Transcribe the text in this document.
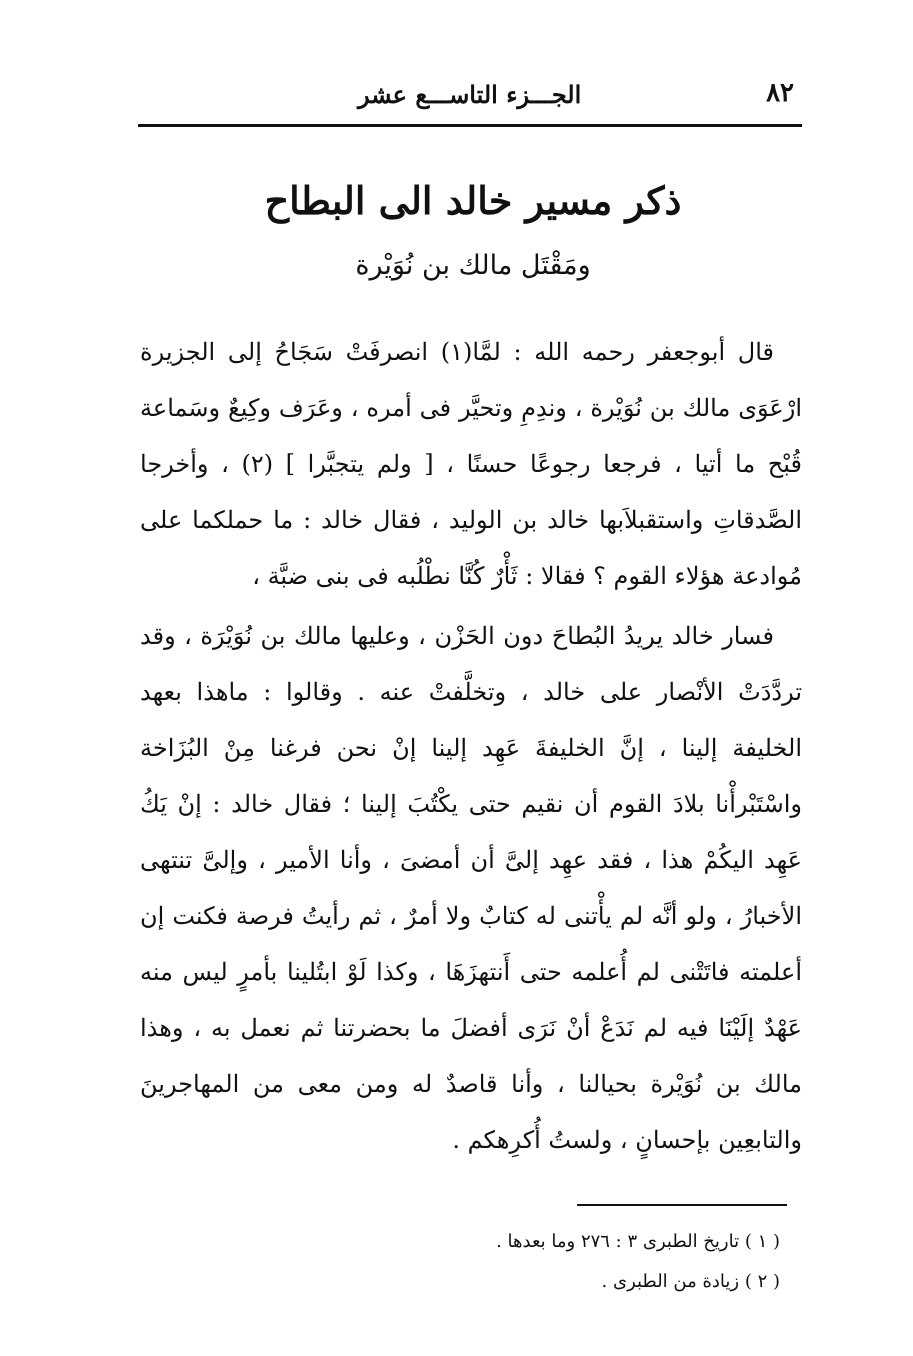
٨٢
الجـــزء التاســـع عشر
ذكر مسير خالد الى البطاح
ومَقْتَل مالك بن نُوَيْرة

قال أبوجعفر رحمه الله : لمَّا(١) انصرفَتْ سَجَاحُ إلى الجزيرة ارْعَوَى مالك بن نُوَيْرة ، وندِمِ وتحيَّر فى أمره ، وعَرَف وكِيعٌ وسَماعة قُبْح ما أتيا ، فرجعا رجوعًا حسنًا ، [ ولم يتجبَّرا ] (٢) ، وأخرجا الصَّدقاتِ واستقبلاَبها خالد بن الوليد ، فقال خالد : ما حملكما على مُوادعة هؤلاء القوم ؟ فقالا : ثَأْرٌ كُنَّا نطْلُبه فى بنى ضبَّة ،

فسار خالد يريدُ البُطاحَ دون الحَزْن ، وعليها مالك بن نُوَيْرَة ، وقد تردَّدَتْ الأنْصار على خالد ، وتخلَّفتْ عنه . وقالوا : ماهذا بعهد الخليفة إلينا ، إنَّ الخليفةَ عَهِد إلينا إنْ نحن فرغنا مِنْ البُزَاخة واسْتَبْرأْنا بلادَ القوم أن نقيم حتى يكْتُبَ إلينا ؛ فقال خالد : إنْ يَكُ عَهِد اليكُمْ هذا ، فقد عهِد إلىَّ أن أمضىَ ، وأنا الأمير ، وإلىَّ تنتهى الأخبارُ ، ولو أنَّه لم يأْتنى له كتابٌ ولا أمرٌ ، ثم رأيتُ فرصة فكنت إن أعلمته فاتَتْنى لم أُعلمه حتى أَنتهزَهَا ، وكذا لَوْ ابتُلينا بأمرٍ ليس منه عَهْدٌ إلَيْنَا فيه لم نَدَعْ أنْ نَرَى أفضلَ ما بحضرتنا ثم نعمل به ، وهذا مالك بن نُوَيْرة بحيالنا ، وأنا قاصدٌ له ومن معى من المهاجرينَ والتابعِين بإحسانٍ ، ولستُ أُكرِهكم .

( ١ ) تاريخ الطبرى ٣ : ٢٧٦ وما بعدها .
( ٢ ) زيادة من الطبرى .
